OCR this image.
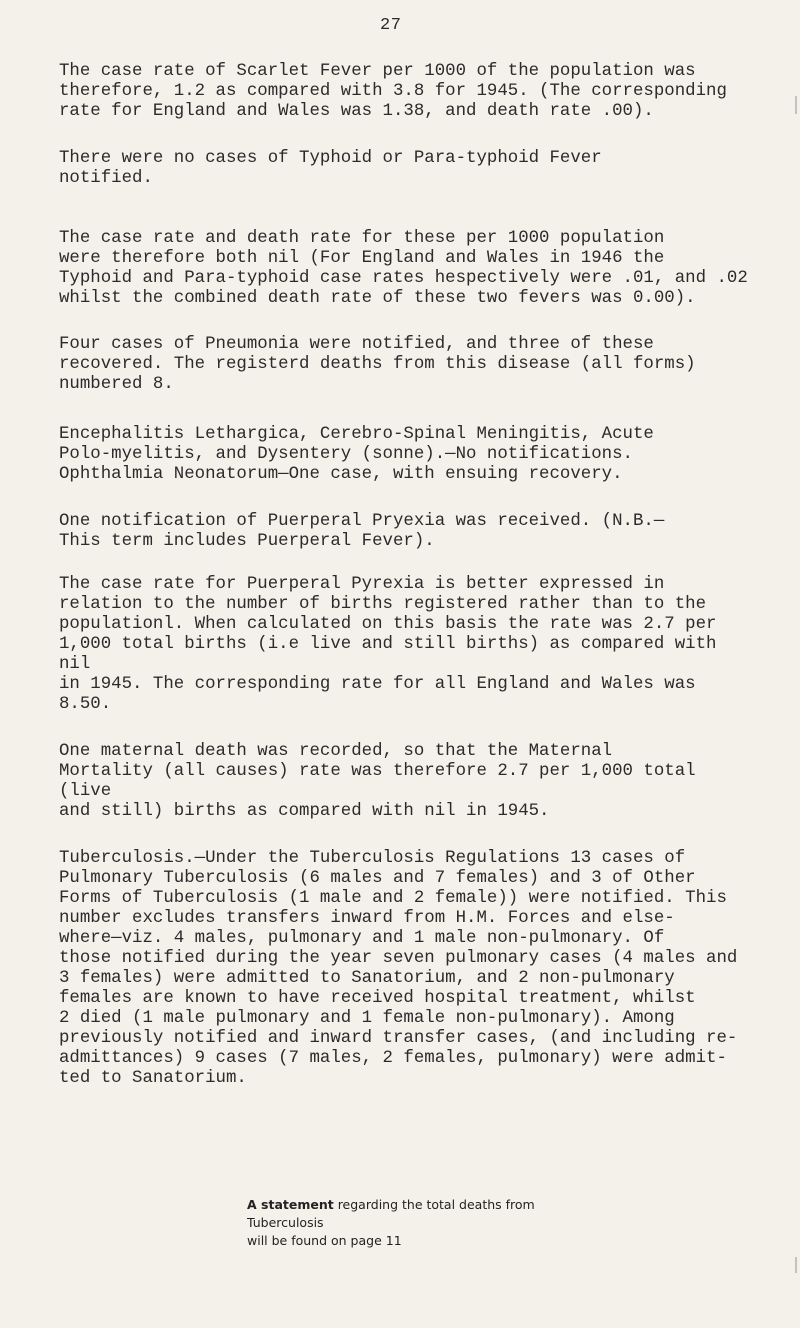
27

The case rate of Scarlet Fever per 1000 of the population was
therefore, 1.2 as compared with 3.8 for 1945. (The corresponding
rate for England and Wales was 1.38, and death rate .00).

There were no cases of Typhoid or Para-typhoid Fever
notified.

The case rate and death rate for these per 1000 population
were therefore both nil (For England and Wales in 1946 the
Typhoid and Para-typhoid case rates hespectively were .01, and .02
whilst the combined death rate of these two fevers was 0.00).

Four cases of Pneumonia were notified, and three of these
recovered. The registerd deaths from this disease (all forms)
numbered 8.

Encephalitis Lethargica, Cerebro-Spinal Meningitis, Acute
Polo-myelitis, and Dysentery (sonne).—No notifications.
Ophthalmia Neonatorum—One case, with ensuing recovery.

One notification of Puerperal Pryexia was received. (N.B.—
This term includes Puerperal Fever).

The case rate for Puerperal Pyrexia is better expressed in
relation to the number of births registered rather than to the
populationl. When calculated on this basis the rate was 2.7 per
1,000 total births (i.e live and still births) as compared with nil
in 1945. The corresponding rate for all England and Wales was
8.50.

One maternal death was recorded, so that the Maternal
Mortality (all causes) rate was therefore 2.7 per 1,000 total (live
and still) births as compared with nil in 1945.

Tuberculosis.—Under the Tuberculosis Regulations 13 cases of
Pulmonary Tuberculosis (6 males and 7 females) and 3 of Other
Forms of Tuberculosis (1 male and 2 female)) were notified. This
number excludes transfers inward from H.M. Forces and else-
where—viz. 4 males, pulmonary and 1 male non-pulmonary. Of
those notified during the year seven pulmonary cases (4 males and
3 females) were admitted to Sanatorium, and 2 non-pulmonary
females are known to have received hospital treatment, whilst
2 died (1 male pulmonary and 1 female non-pulmonary). Among
previously notified and inward transfer cases, (and including re-
admittances) 9 cases (7 males, 2 females, pulmonary) were admit-
ted to Sanatorium.

A statement regarding the total deaths from Tuberculosis
will be found on page 11
